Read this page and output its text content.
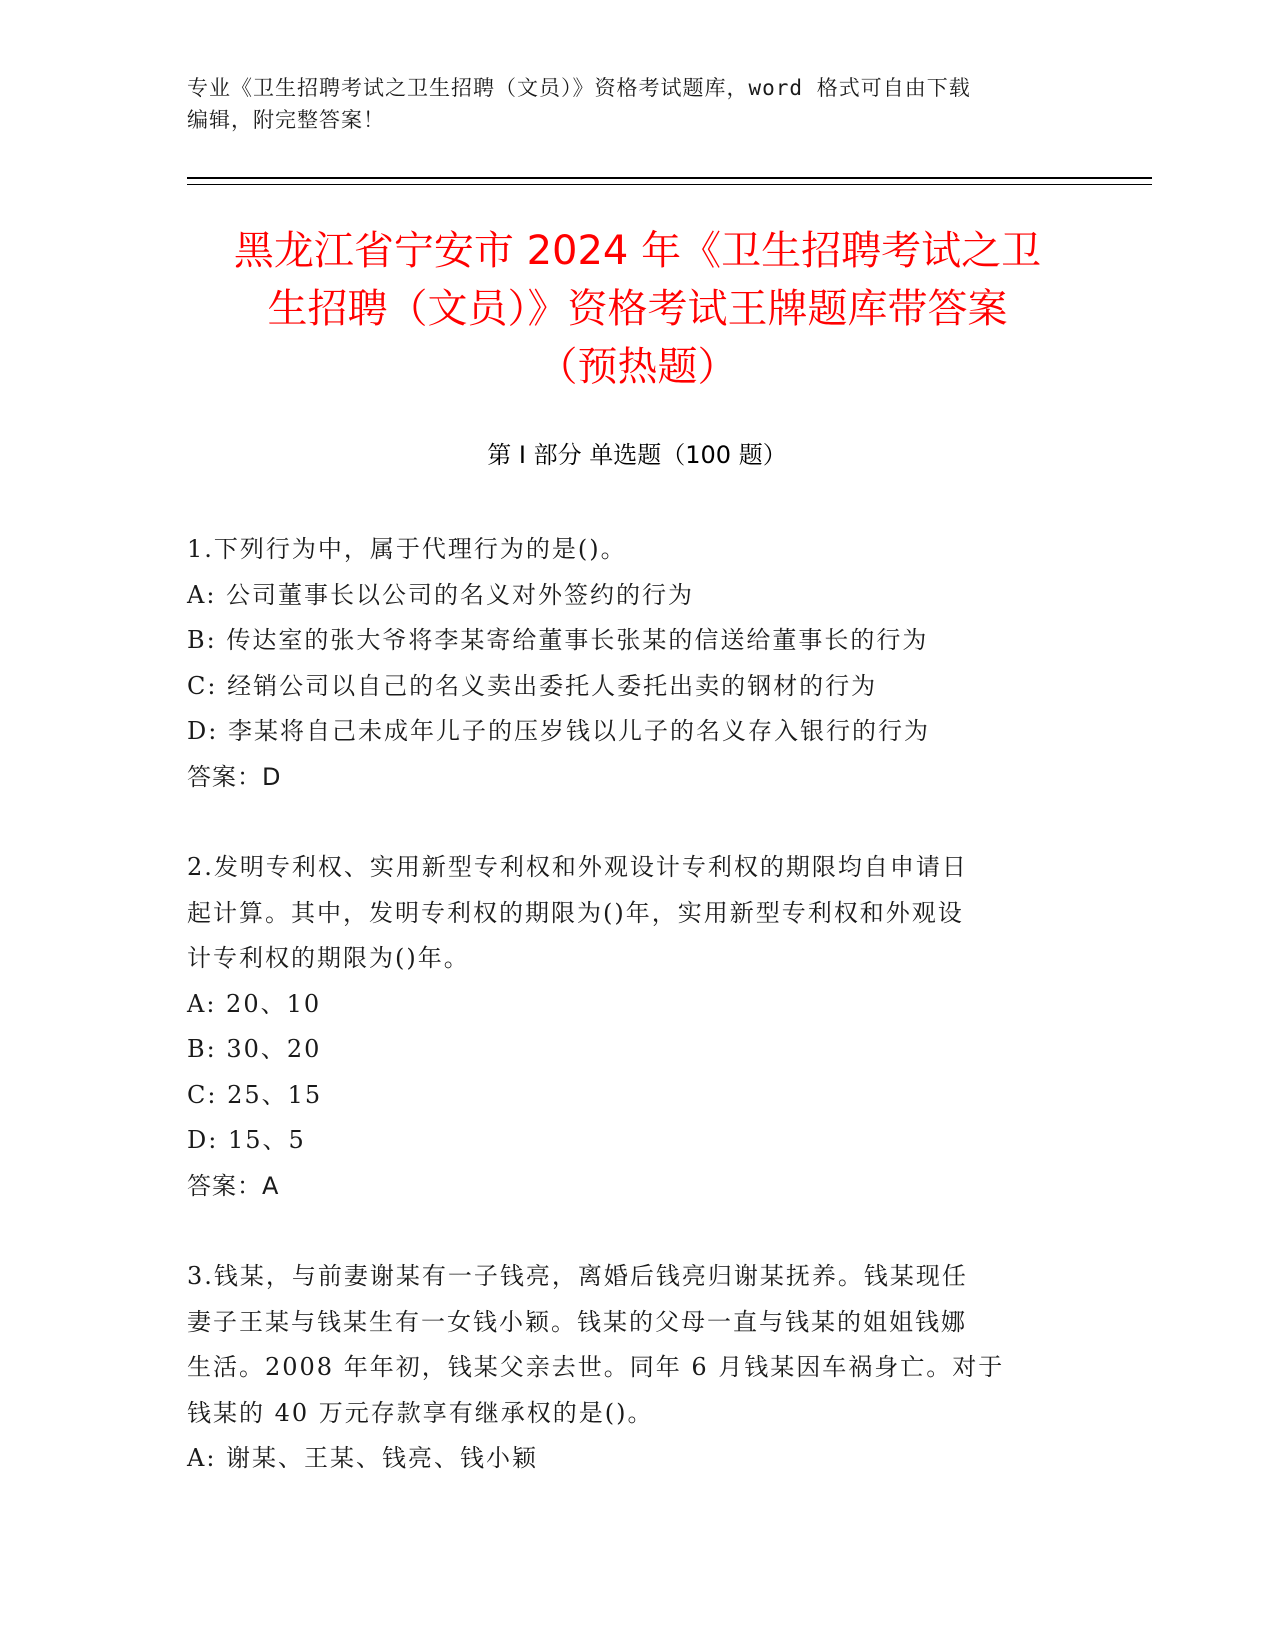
专业《卫生招聘考试之卫生招聘（文员）》资格考试题库，word 格式可自由下载
编辑，附完整答案！
黑龙江省宁安市 2024 年《卫生招聘考试之卫
生招聘（文员）》资格考试王牌题库带答案
（预热题）
第 I 部分 单选题（100 题）
1.下列行为中，属于代理行为的是()。
A: 公司董事长以公司的名义对外签约的行为
B: 传达室的张大爷将李某寄给董事长张某的信送给董事长的行为
C: 经销公司以自己的名义卖出委托人委托出卖的钢材的行为
D: 李某将自己未成年儿子的压岁钱以儿子的名义存入银行的行为
答案：D
2.发明专利权、实用新型专利权和外观设计专利权的期限均自申请日
起计算。其中，发明专利权的期限为()年，实用新型专利权和外观设
计专利权的期限为()年。
A: 20、10
B: 30、20
C: 25、15
D: 15、5
答案：A
3.钱某，与前妻谢某有一子钱亮，离婚后钱亮归谢某抚养。钱某现任
妻子王某与钱某生有一女钱小颖。钱某的父母一直与钱某的姐姐钱娜
生活。2008 年年初，钱某父亲去世。同年 6 月钱某因车祸身亡。对于
钱某的 40 万元存款享有继承权的是()。
A: 谢某、王某、钱亮、钱小颖
